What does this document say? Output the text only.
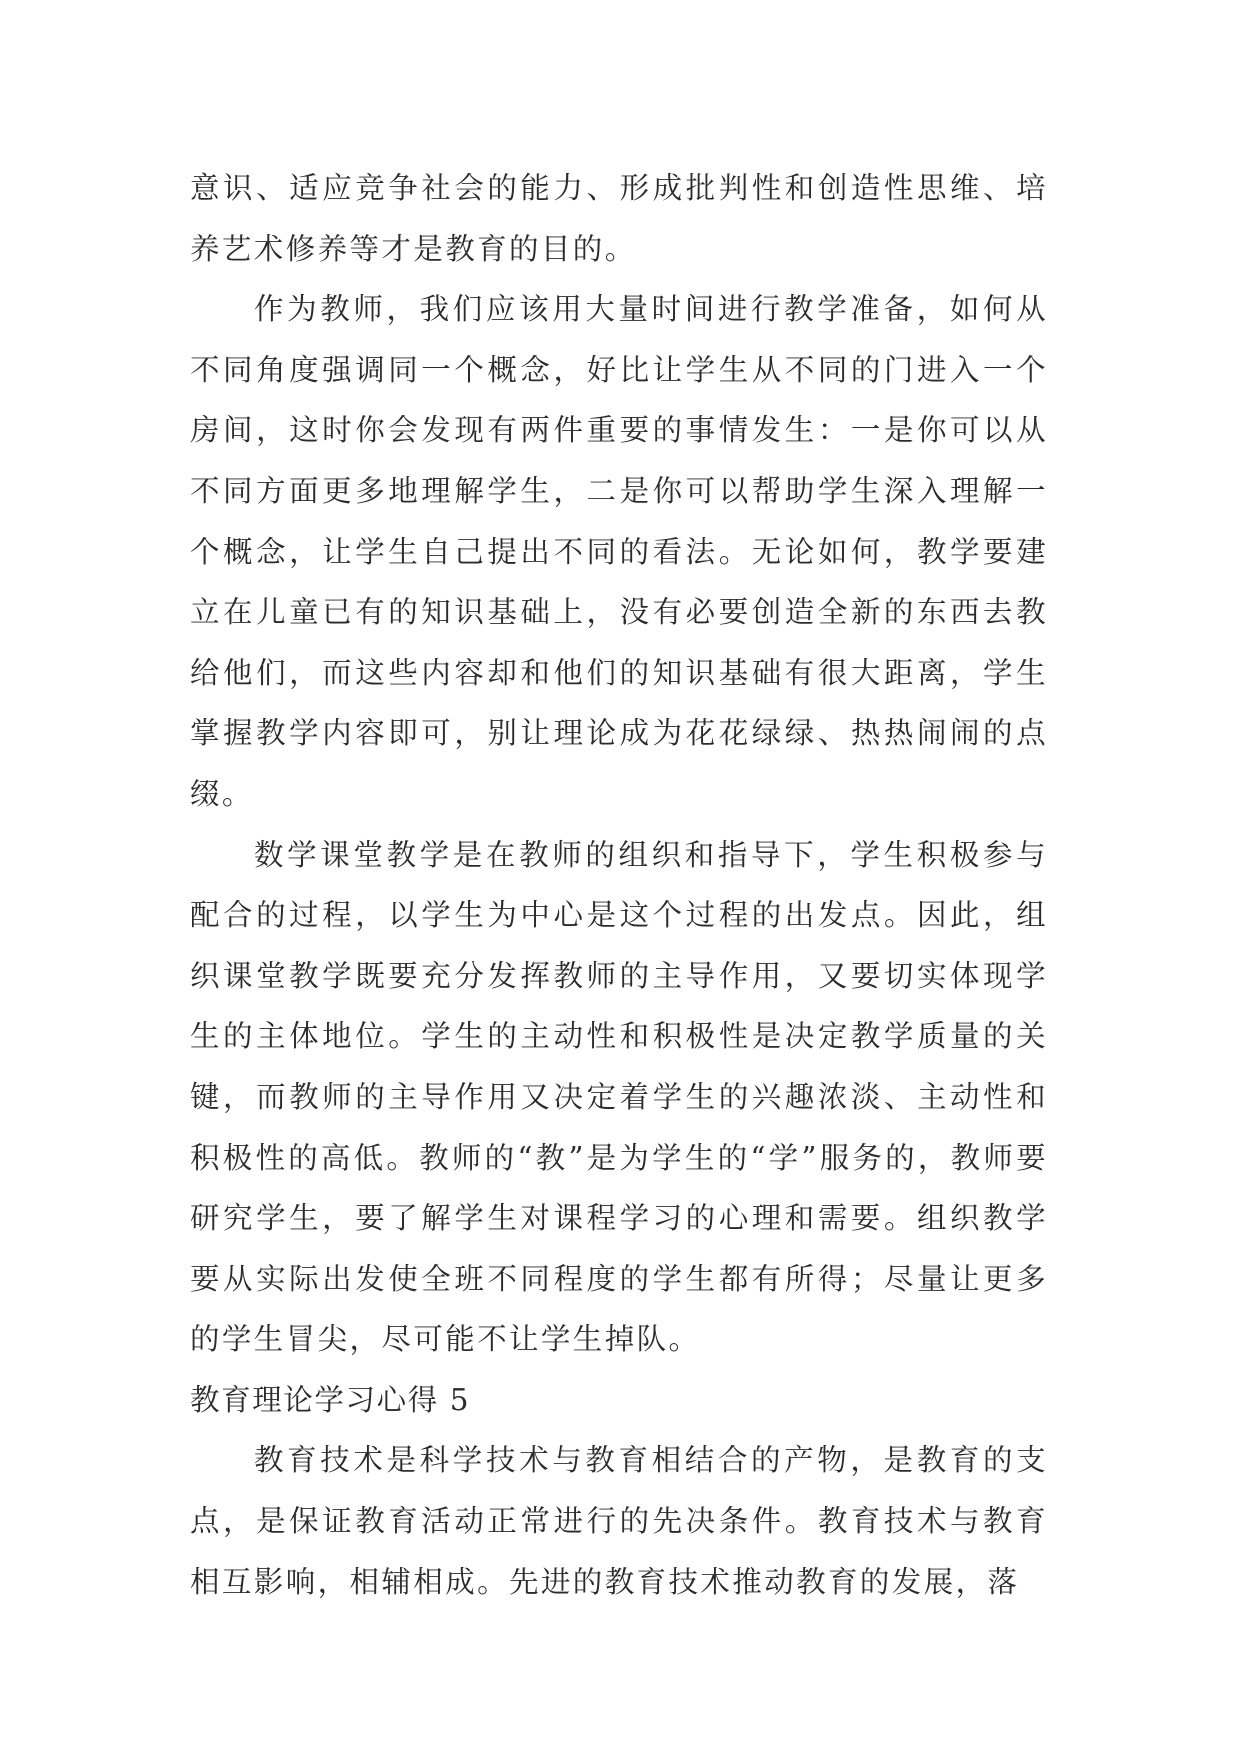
意识、适应竞争社会的能力、形成批判性和创造性思维、培养艺术修养等才是教育的目的。

作为教师，我们应该用大量时间进行教学准备，如何从不同角度强调同一个概念，好比让学生从不同的门进入一个房间，这时你会发现有两件重要的事情发生：一是你可以从不同方面更多地理解学生，二是你可以帮助学生深入理解一个概念，让学生自己提出不同的看法。无论如何，教学要建立在儿童已有的知识基础上，没有必要创造全新的东西去教给他们，而这些内容却和他们的知识基础有很大距离，学生掌握教学内容即可，别让理论成为花花绿绿、热热闹闹的点缀。

数学课堂教学是在教师的组织和指导下，学生积极参与配合的过程，以学生为中心是这个过程的出发点。因此，组织课堂教学既要充分发挥教师的主导作用，又要切实体现学生的主体地位。学生的主动性和积极性是决定教学质量的关键，而教师的主导作用又决定着学生的兴趣浓淡、主动性和积极性的高低。教师的“教”是为学生的“学”服务的，教师要研究学生，要了解学生对课程学习的心理和需要。组织教学要从实际出发使全班不同程度的学生都有所得；尽量让更多的学生冒尖，尽可能不让学生掉队。

教育理论学习心得 5

教育技术是科学技术与教育相结合的产物，是教育的支点，是保证教育活动正常进行的先决条件。教育技术与教育相互影响，相辅相成。先进的教育技术推动教育的发展，落
